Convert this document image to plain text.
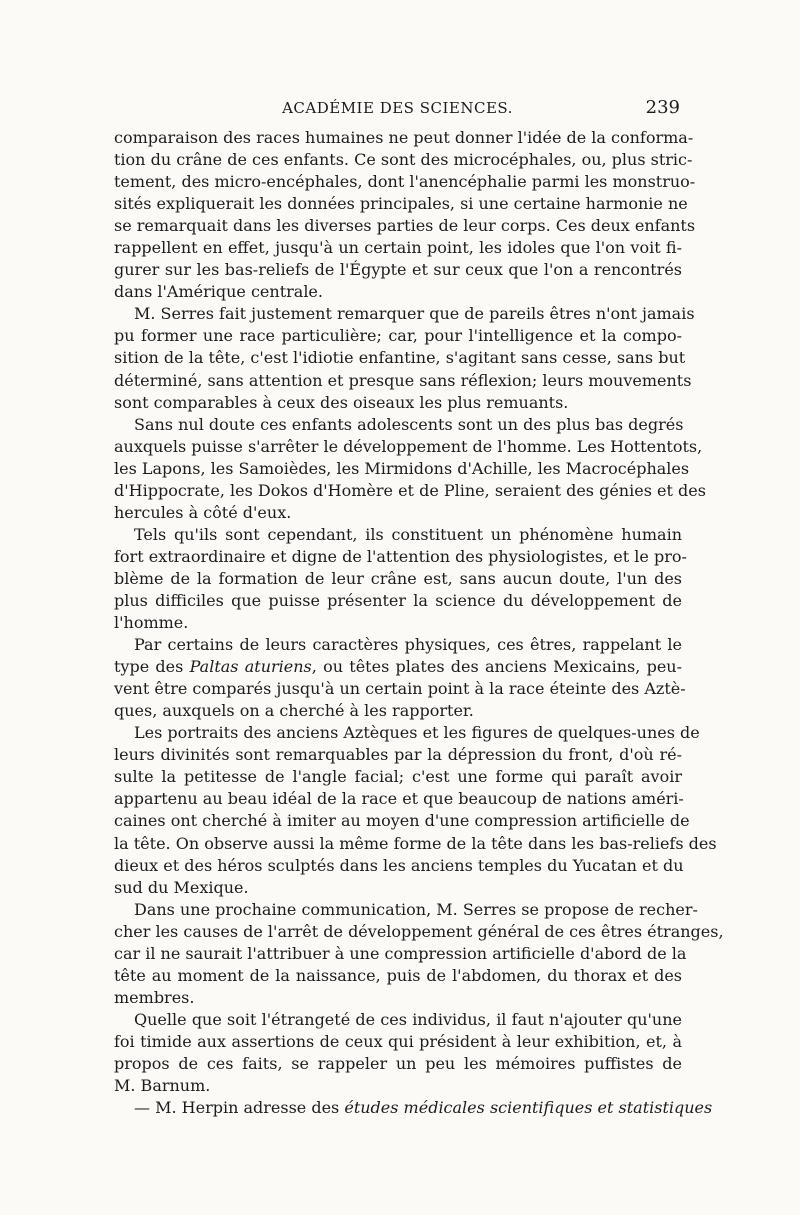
ACADÉMIE DES SCIENCES.	239
comparaison des races humaines ne peut donner l'idée de la conforma-
tion du crâne de ces enfants. Ce sont des microcéphales, ou, plus stric-
tement, des micro-encéphales, dont l'anencéphalie parmi les monstruo-
sités expliquerait les données principales, si une certaine harmonie ne
se remarquait dans les diverses parties de leur corps. Ces deux enfants
rappellent en effet, jusqu'à un certain point, les idoles que l'on voit fi-
gurer sur les bas-reliefs de l'Égypte et sur ceux que l'on a rencontrés
dans l'Amérique centrale.
M. Serres fait justement remarquer que de pareils êtres n'ont jamais
pu former une race particulière; car, pour l'intelligence et la compo-
sition de la tête, c'est l'idiotie enfantine, s'agitant sans cesse, sans but
déterminé, sans attention et presque sans réflexion; leurs mouvements
sont comparables à ceux des oiseaux les plus remuants.
Sans nul doute ces enfants adolescents sont un des plus bas degrés
auxquels puisse s'arrêter le développement de l'homme. Les Hottentots,
les Lapons, les Samoièdes, les Mirmidons d'Achille, les Macrocéphales
d'Hippocrate, les Dokos d'Homère et de Pline, seraient des génies et des
hercules à côté d'eux.
Tels qu'ils sont cependant, ils constituent un phénomène humain
fort extraordinaire et digne de l'attention des physiologistes, et le pro-
blème de la formation de leur crâne est, sans aucun doute, l'un des
plus difficiles que puisse présenter la science du développement de
l'homme.
Par certains de leurs caractères physiques, ces êtres, rappelant le
type des Paltas aturiens, ou têtes plates des anciens Mexicains, peu-
vent être comparés jusqu'à un certain point à la race éteinte des Aztè-
ques, auxquels on a cherché à les rapporter.
Les portraits des anciens Aztèques et les figures de quelques-unes de
leurs divinités sont remarquables par la dépression du front, d'où ré-
sulte la petitesse de l'angle facial; c'est une forme qui paraît avoir
appartenu au beau idéal de la race et que beaucoup de nations améri-
caines ont cherché à imiter au moyen d'une compression artificielle de
la tête. On observe aussi la même forme de la tête dans les bas-reliefs des
dieux et des héros sculptés dans les anciens temples du Yucatan et du
sud du Mexique.
Dans une prochaine communication, M. Serres se propose de recher-
cher les causes de l'arrêt de développement général de ces êtres étranges,
car il ne saurait l'attribuer à une compression artificielle d'abord de la
tête au moment de la naissance, puis de l'abdomen, du thorax et des
membres.
Quelle que soit l'étrangeté de ces individus, il faut n'ajouter qu'une
foi timide aux assertions de ceux qui président à leur exhibition, et, à
propos de ces faits, se rappeler un peu les mémoires puffistes de
M. Barnum.
— M. Herpin adresse des études médicales scientifiques et statistiques
